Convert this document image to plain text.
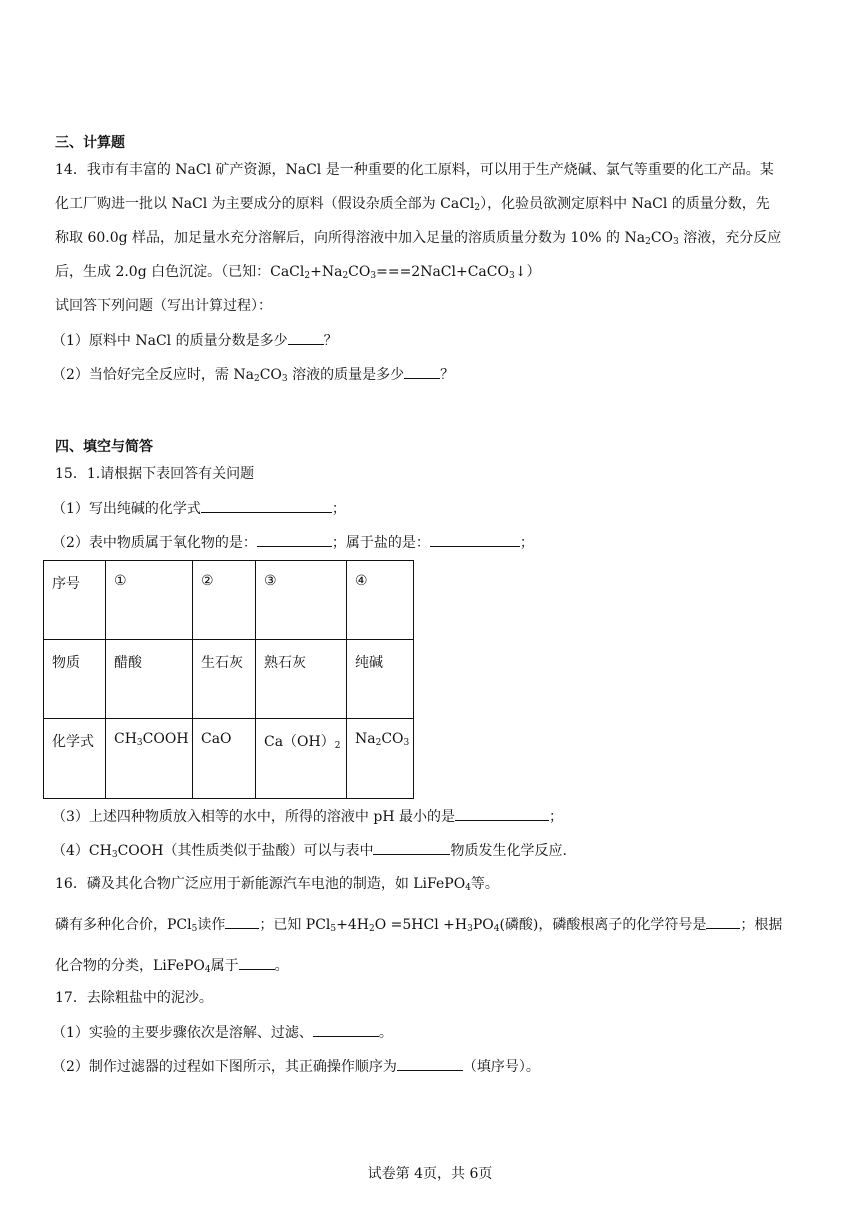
三、计算题
14．我市有丰富的 NaCl 矿产资源，NaCl 是一种重要的化工原料，可以用于生产烧碱、氯气等重要的化工产品。某
化工厂购进一批以 NaCl 为主要成分的原料（假设杂质全部为 CaCl$_2$），化验员欲测定原料中 NaCl 的质量分数，先
称取 60.0g 样品，加足量水充分溶解后，向所得溶液中加入足量的溶质质量分数为 10% 的 $Na_2CO_3$ 溶液，充分反应
后，生成 2.0g 白色沉淀。（已知：$CaCl_2+Na_2CO_3===2NaCl+CaCO_3↓$）
试回答下列问题（写出计算过程）：
（1）原料中 NaCl 的质量分数是多少	？
（2）当恰好完全反应时，需 $Na_2CO_3$ 溶液的质量是多少	？
四、填空与简答
15．1.请根据下表回答有关问题
（1）写出纯碱的化学式	；
（2）表中物质属于氧化物的是：	；属于盐的是：	；
序号	①	②	③	④
物质	醋酸	生石灰	熟石灰	纯碱
化学式	$CH_3COOH$	CaO	$Ca(OH)_2$	$Na_2CO_3$
（3）上述四种物质放入相等的水中，所得的溶液中 pH 最小的是	；
$(4)CH_3COOH$（其性质类似于盐酸）可以与表中	物质发生化学反应.
16．磷及其化合物广泛应用于新能源汽车电池的制造，如 LiFePO$_4$等。
磷有多种化合价，PCl$_5$读作 ；已知 $PCl_5+4H_2O =5HCl +H_3PO_4$(磷酸)，磷酸根离子的化学符号是 ；根据
化合物的分类，LiFePO$_4$属于	。
17．去除粗盐中的泥沙。
（1）实验的主要步骤依次是溶解、过滤、	。
（2）制作过滤器的过程如下图所示，其正确操作顺序为	（填序号）。
试卷第 4页，共 6页
